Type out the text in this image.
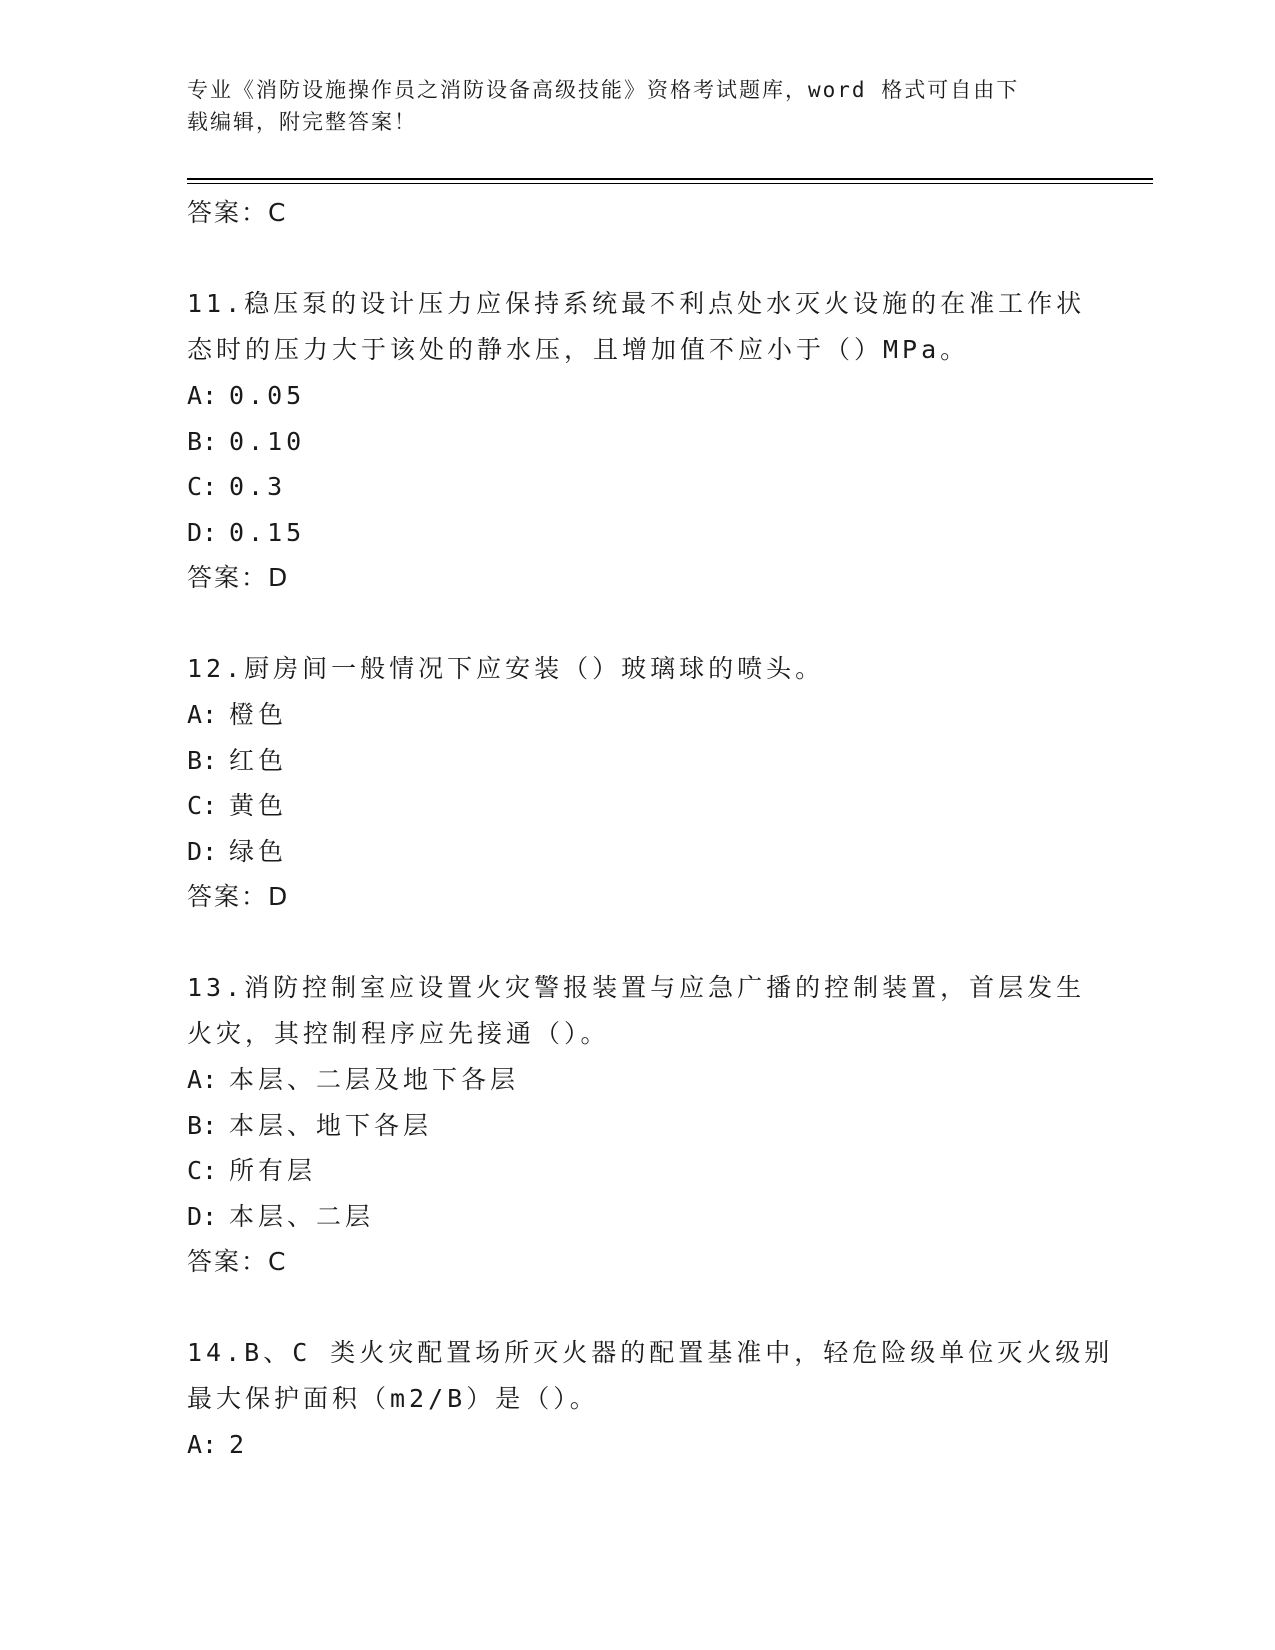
专业《消防设施操作员之消防设备高级技能》资格考试题库，word 格式可自由下
载编辑，附完整答案！
答案：C
11.稳压泵的设计压力应保持系统最不利点处水灭火设施的在准工作状
态时的压力大于该处的静水压，且增加值不应小于（）MPa。
A: 0.05
B: 0.10
C: 0.3
D: 0.15
答案：D
12.厨房间一般情况下应安装（）玻璃球的喷头。
A: 橙色
B: 红色
C: 黄色
D: 绿色
答案：D
13.消防控制室应设置火灾警报装置与应急广播的控制装置，首层发生
火灾，其控制程序应先接通（）。
A: 本层、二层及地下各层
B: 本层、地下各层
C: 所有层
D: 本层、二层
答案：C
14.B、C 类火灾配置场所灭火器的配置基准中，轻危险级单位灭火级别
最大保护面积（m2/B）是（）。
A: 2
